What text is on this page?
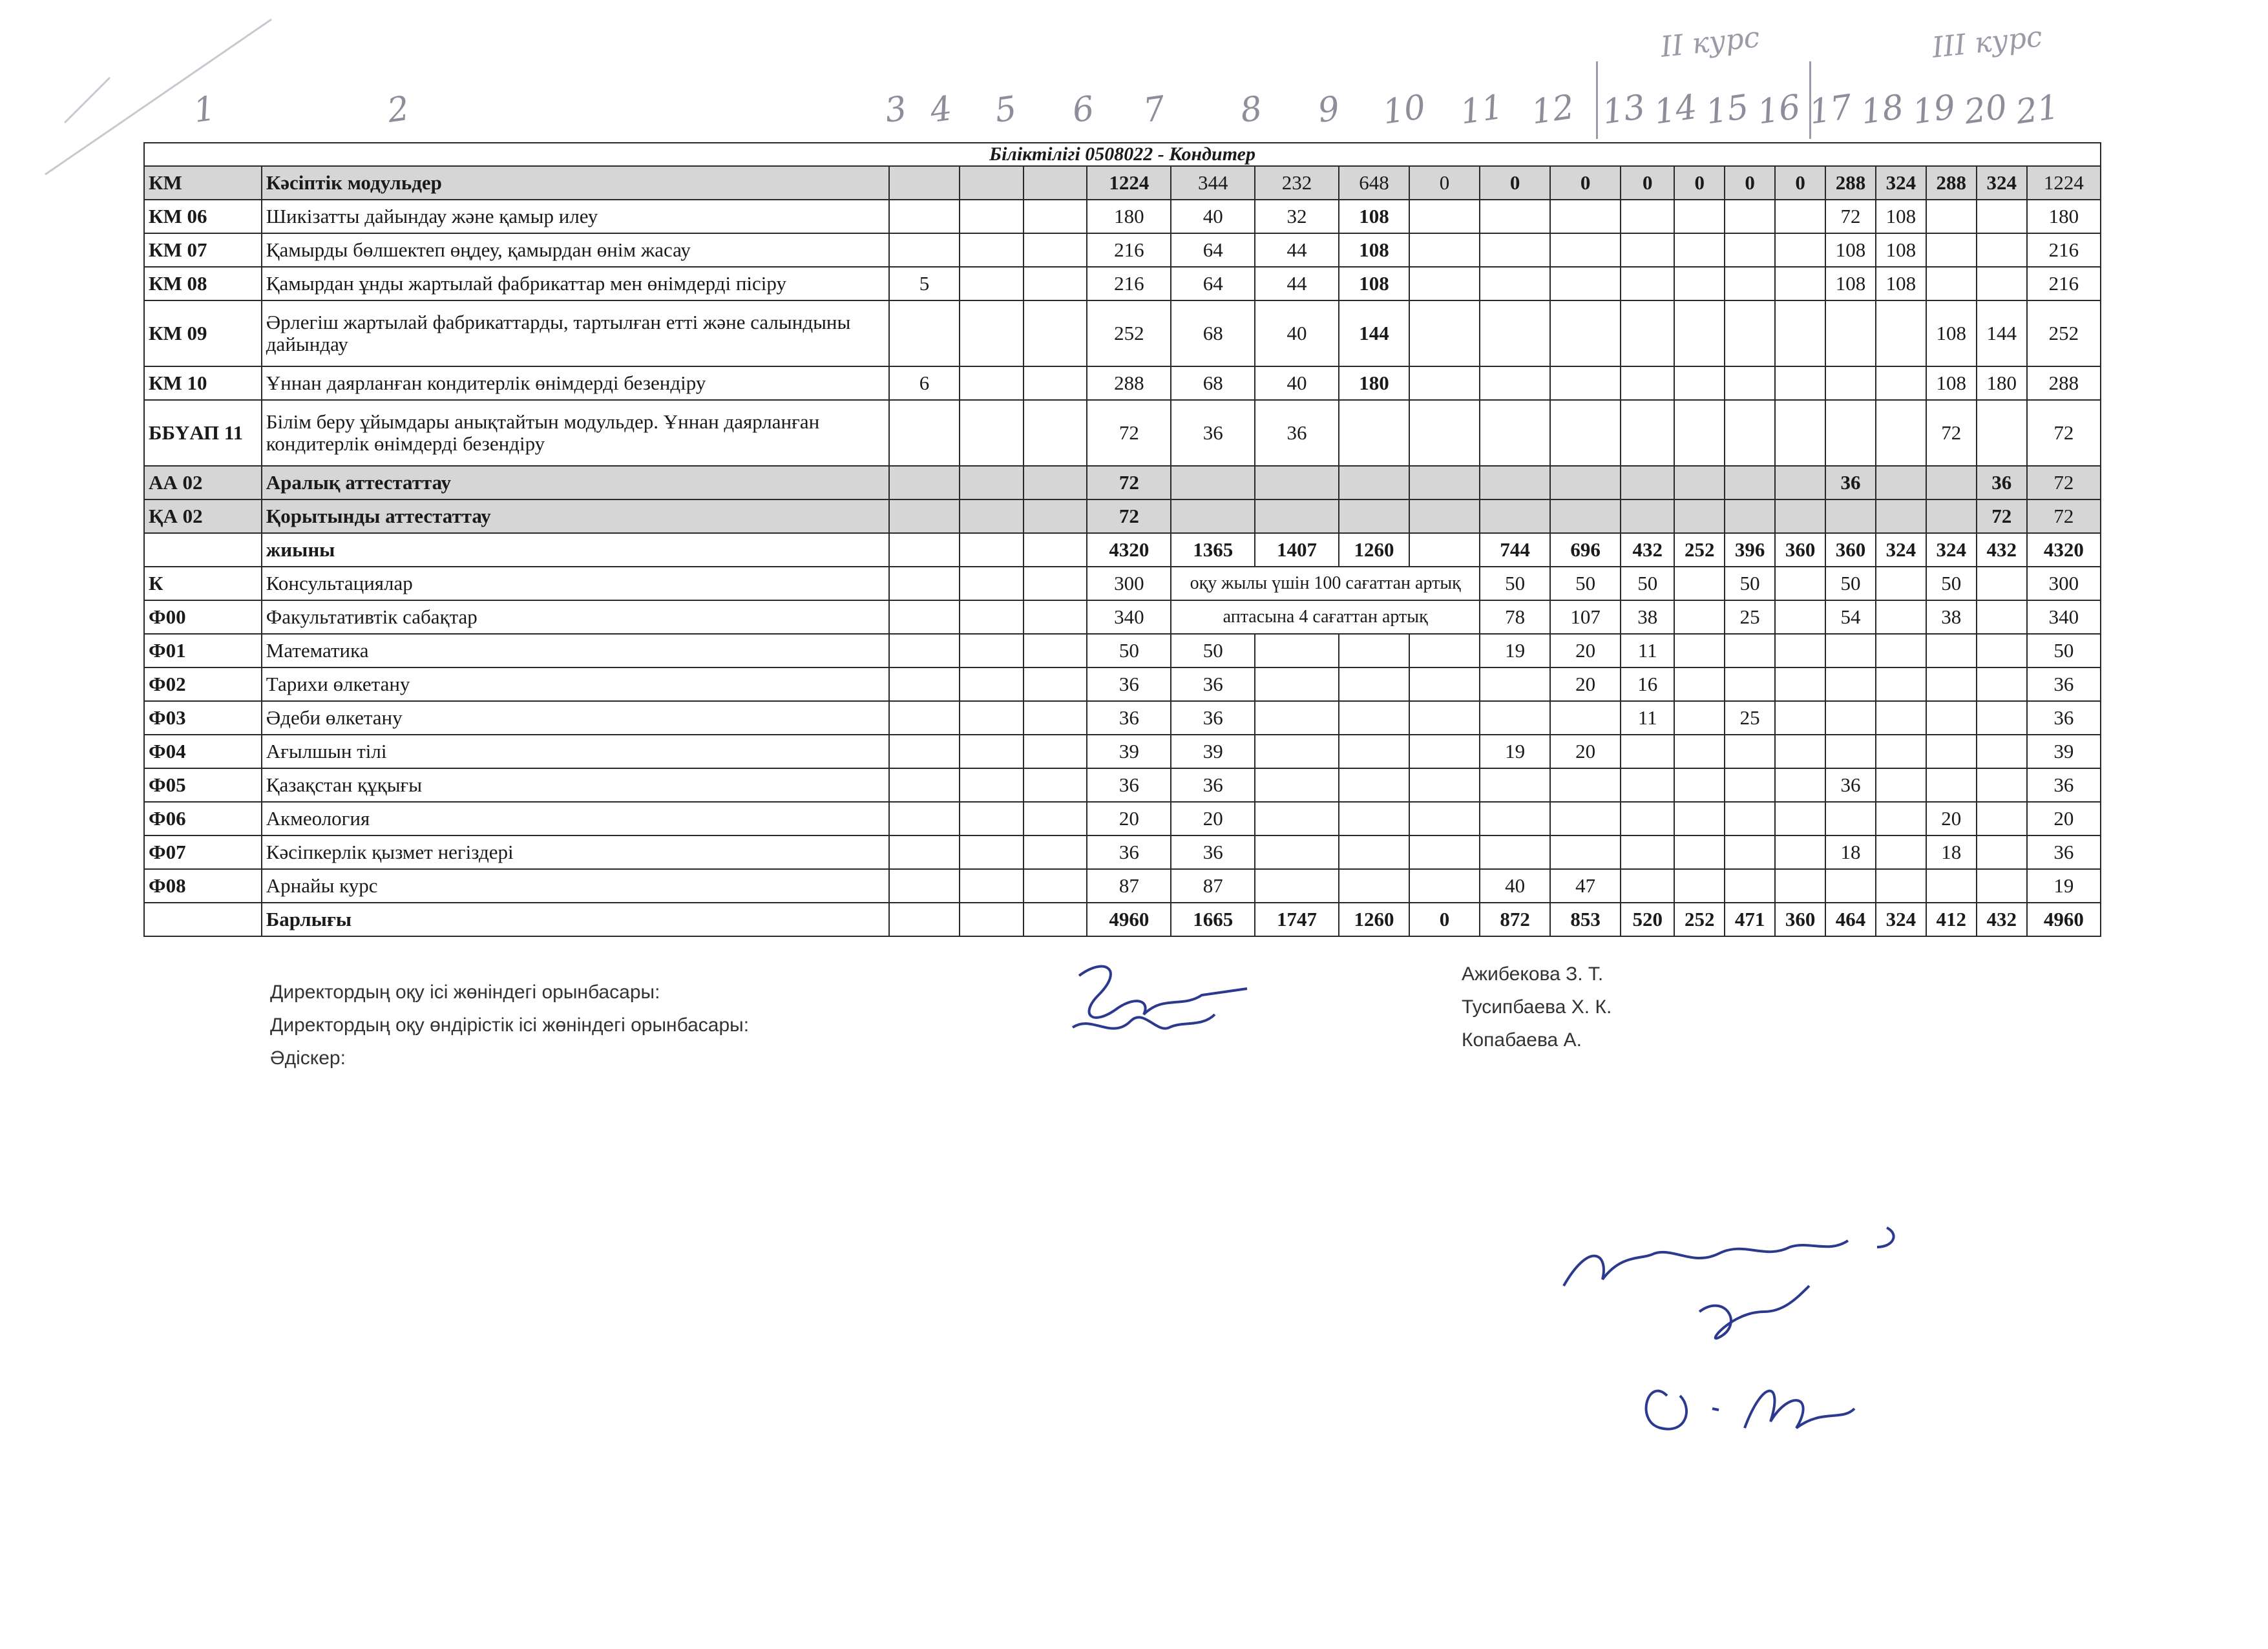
1	2	3 4 5 6 7 8 9 10 11 12 13 14 15 16 17 18 19 20 21
II курс	III курс
Біліктілігі 0508022 - Кондитер																				
КМ	Кәсіптік модульдер				1224	344	232	648	0	0	0	0	0	0	0	288	324	288	324	1224
КМ 06	Шикізатты дайындау және қамыр илеу				180	40	32	108								72	108			180
КМ 07	Қамырды бөлшектеп өңдеу, қамырдан өнім жасау				216	64	44	108								108	108			216
КМ 08	Қамырдан ұнды жартылай фабрикаттар мен өнімдерді пісіру	5			216	64	44	108								108	108			216
КМ 09	Әрлегіш жартылай фабрикаттарды, тартылған етті және салындыны дайындау				252	68	40	144										108	144	252
КМ 10	Ұннан даярланған кондитерлік өнімдерді безендіру	6			288	68	40	180										108	180	288
ББҮАП 11	Білім беру ұйымдары анықтайтын модульдер. Ұннан даярланған кондитерлік өнімдерді безендіру				72	36	36											72		72
АА 02	Аралық аттестаттау				72											36			36	72
ҚА 02	Қорытынды аттестаттау				72														72	72
	жиыны				4320	1365	1407	1260		744	696	432	252	396	360	360	324	324	432	4320
К	Консультациялар				300	оқу жылы үшін 100 сағаттан артық				50	50	50		50		50		50		300
Ф00	Факультативтік сабақтар				340	аптасына 4 сағаттан артық				78	107	38		25		54		38		340
Ф01	Математика				50	50				19	20	11								50
Ф02	Тарихи өлкетану				36	36					20	16								36
Ф03	Әдеби өлкетану				36	36						11		25						36
Ф04	Ағылшын тілі				39	39				19	20									39
Ф05	Қазақстан құқығы				36	36										36				36
Ф06	Акмеология				20	20												20		20
Ф07	Кәсіпкерлік қызмет негіздері				36	36										18		18		36
Ф08	Арнайы курс				87	87				40	47									19
	Барлығы				4960	1665	1747	1260	0	872	853	520	252	471	360	464	324	412	432	4960
Директордың оқу ісі жөніндегі орынбасары:
Директордың оқу өндірістік ісі жөніндегі орынбасары:
Әдіскер:
Ажибекова З. Т.
Тусипбаева Х. К.
Копабаева А.
